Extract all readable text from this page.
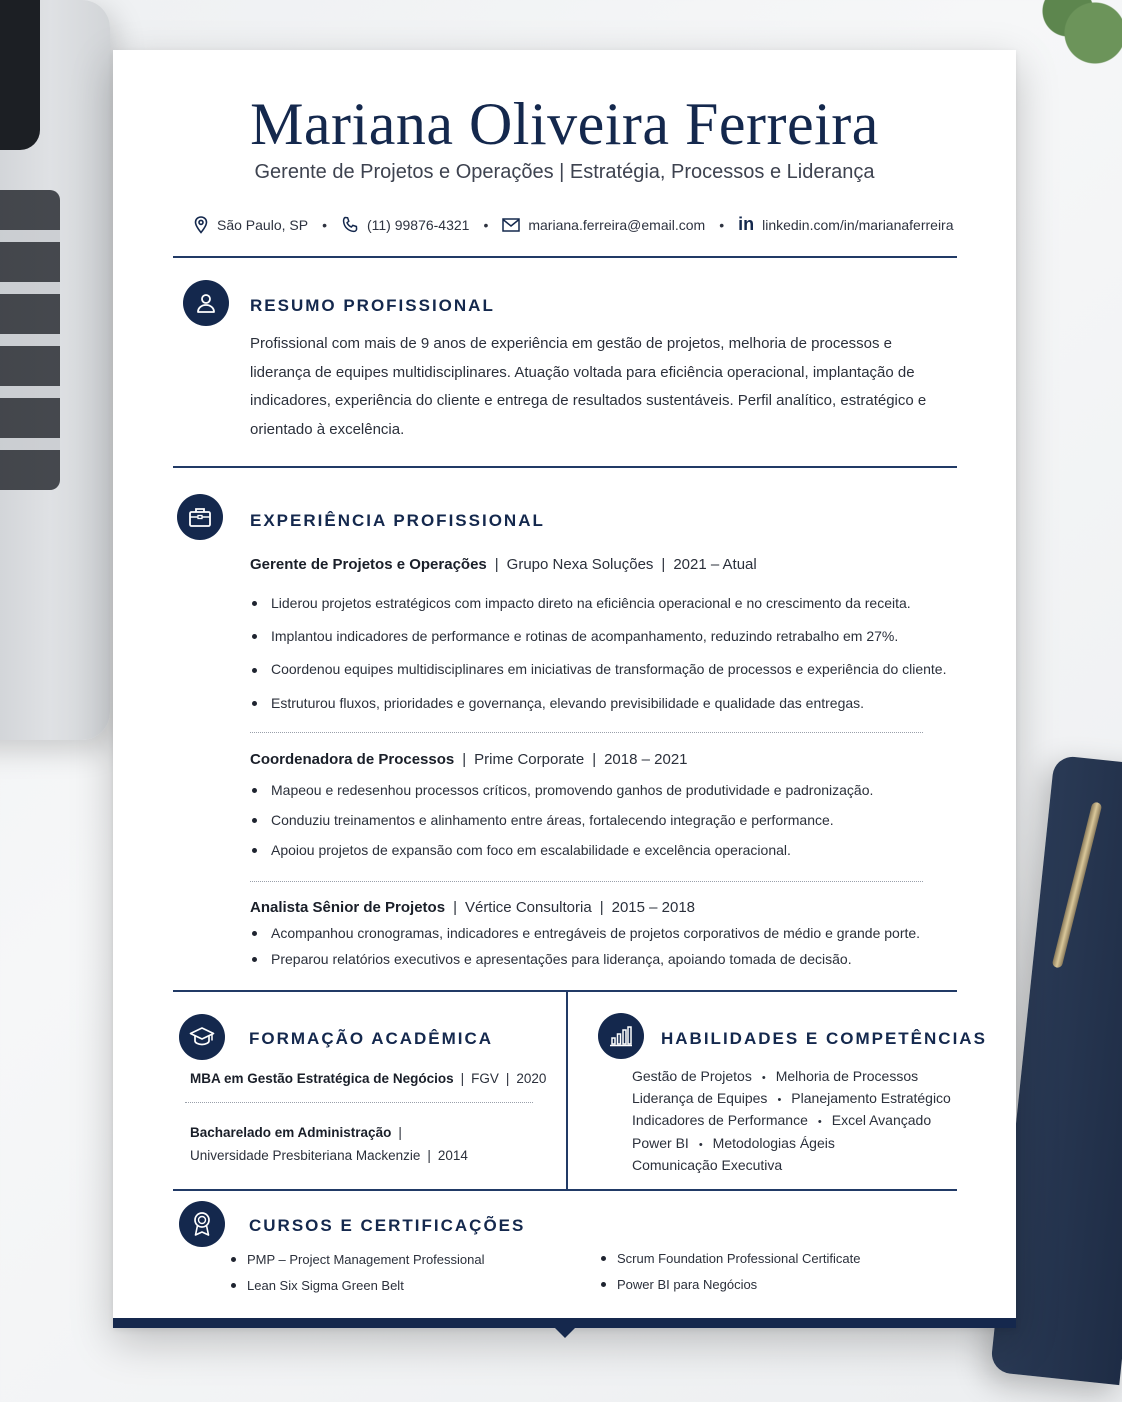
Mariana Oliveira Ferreira
Gerente de Projetos e Operações | Estratégia, Processos e Liderança
São Paulo, SP •	(11) 99876-4321 •	mariana.ferreira@email.com • in linkedin.com/in/marianaferreira
RESUMO PROFISSIONAL
Profissional com mais de 9 anos de experiência em gestão de projetos, melhoria de processos e liderança de equipes multidisciplinares. Atuação voltada para eficiência operacional, implantação de indicadores, experiência do cliente e entrega de resultados sustentáveis. Perfil analítico, estratégico e orientado à excelência.
EXPERIÊNCIA PROFISSIONAL
Gerente de Projetos e Operações | Grupo Nexa Soluções | 2021 – Atual
Liderou projetos estratégicos com impacto direto na eficiência operacional e no crescimento da receita.
Implantou indicadores de performance e rotinas de acompanhamento, reduzindo retrabalho em 27%.
Coordenou equipes multidisciplinares em iniciativas de transformação de processos e experiência do cliente.
Estruturou fluxos, prioridades e governança, elevando previsibilidade e qualidade das entregas.
Coordenadora de Processos | Prime Corporate | 2018 – 2021
Mapeou e redesenhou processos críticos, promovendo ganhos de produtividade e padronização.
Conduziu treinamentos e alinhamento entre áreas, fortalecendo integração e performance.
Apoiou projetos de expansão com foco em escalabilidade e excelência operacional.
Analista Sênior de Projetos | Vértice Consultoria | 2015 – 2018
Acompanhou cronogramas, indicadores e entregáveis de projetos corporativos de médio e grande porte.
Preparou relatórios executivos e apresentações para liderança, apoiando tomada de decisão.
FORMAÇÃO ACADÊMICA
MBA em Gestão Estratégica de Negócios | FGV | 2020
Bacharelado em Administração |
Universidade Presbiteriana Mackenzie | 2014
HABILIDADES E COMPETÊNCIAS
Gestão de Projetos • Melhoria de Processos
Liderança de Equipes • Planejamento Estratégico
Indicadores de Performance • Excel Avançado
Power BI • Metodologias Ágeis
Comunicação Executiva
CURSOS E CERTIFICAÇÕES
PMP – Project Management Professional
Lean Six Sigma Green Belt
Scrum Foundation Professional Certificate
Power BI para Negócios
